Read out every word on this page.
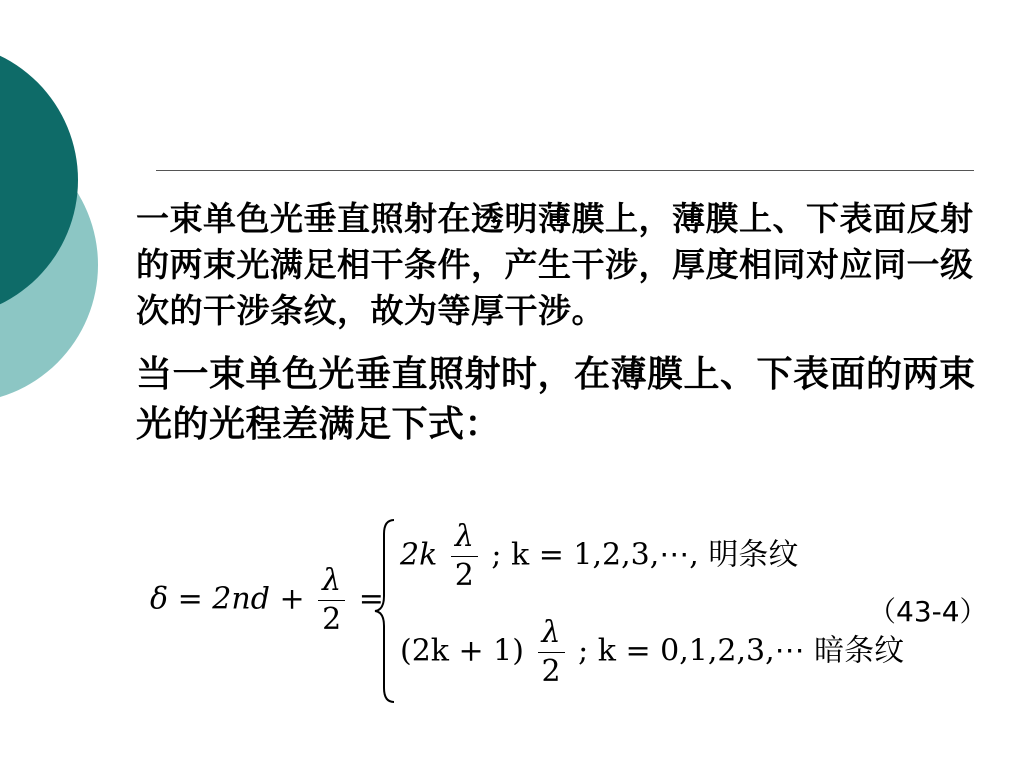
一束单色光垂直照射在透明薄膜上，薄膜上、下表面反射的两束光满足相干条件，产生干涉，厚度相同对应同一级次的干涉条纹，故为等厚干涉。

当一束单色光垂直照射时，在薄膜上、下表面的两束光的光程差满足下式：

$\delta = 2nd + \frac{\lambda}{2}$ =
$2k \frac{\lambda}{2}$ ; k = 1,2,3,⋯, 明条纹
$(2k + 1) \frac{\lambda}{2}$ ; k = 0,1,2,3,⋯ 暗条纹
（43-4）
